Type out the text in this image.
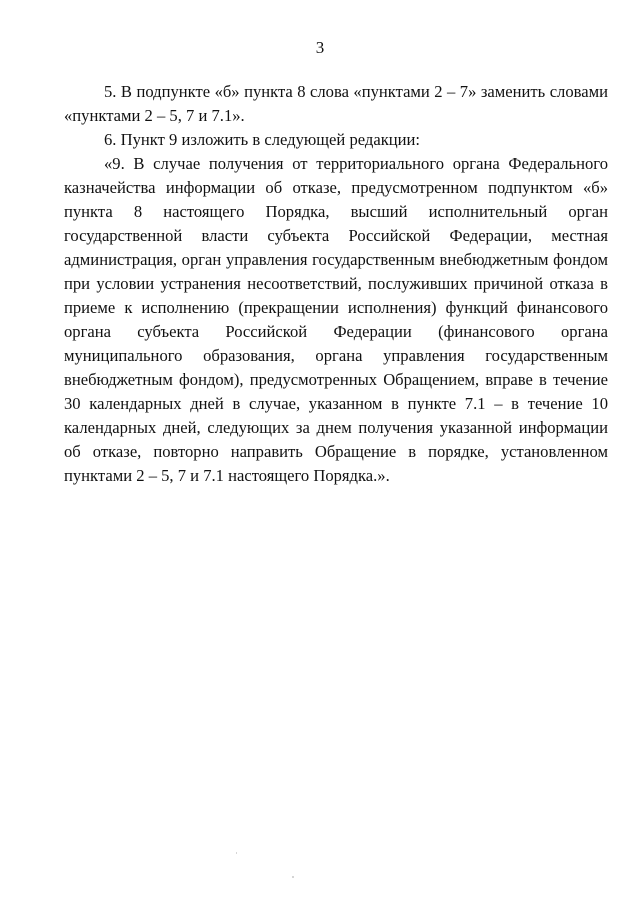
3

5. В подпункте «б» пункта 8 слова «пунктами 2 – 7» заменить словами «пунктами 2 – 5, 7 и 7.1».

6. Пункт 9 изложить в следующей редакции:

«9. В случае получения от территориального органа Федерального казначейства информации об отказе, предусмотренном подпунктом «б» пункта 8 настоящего Порядка, высший исполнительный орган государственной власти субъекта Российской Федерации, местная администрация, орган управления государственным внебюджетным фондом при условии устранения несоответствий, послуживших причиной отказа в приеме к исполнению (прекращении исполнения) функций финансового органа субъекта Российской Федерации (финансового органа муниципального образования, органа управления государственным внебюджетным фондом), предусмотренных Обращением, вправе в течение 30 календарных дней в случае, указанном в пункте 7.1 – в течение 10 календарных дней, следующих за днем получения указанной информации об отказе, повторно направить Обращение в порядке, установленном пунктами 2 – 5, 7 и 7.1 настоящего Порядка.».
